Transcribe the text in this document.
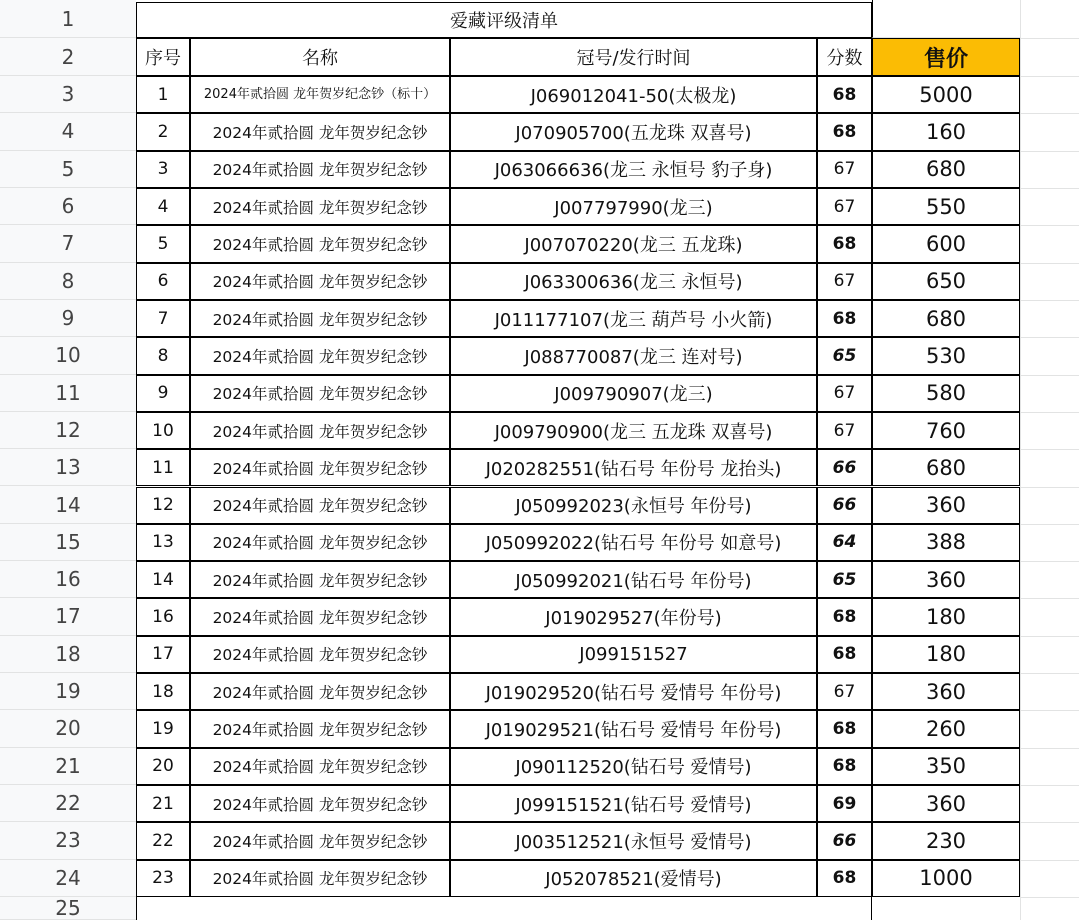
1
2
3
4
5
6
7
8
9
10
11
12
13
14
15
16
17
18
19
20
21
22
23
24
25
爱藏评级清单
序号	名称	冠号/发行时间	分数	售价
1	2024年贰拾圆 龙年贺岁纪念钞（标十）	J069012041-50(太极龙)	68	5000
2	2024年贰拾圆 龙年贺岁纪念钞	J070905700(五龙珠 双喜号)	68	160
3	2024年贰拾圆 龙年贺岁纪念钞	J063066636(龙三 永恒号 豹子身)	67	680
4	2024年贰拾圆 龙年贺岁纪念钞	J007797990(龙三)	67	550
5	2024年贰拾圆 龙年贺岁纪念钞	J007070220(龙三 五龙珠)	68	600
6	2024年贰拾圆 龙年贺岁纪念钞	J063300636(龙三 永恒号)	67	650
7	2024年贰拾圆 龙年贺岁纪念钞	J011177107(龙三 葫芦号 小火箭)	68	680
8	2024年贰拾圆 龙年贺岁纪念钞	J088770087(龙三 连对号)	65	530
9	2024年贰拾圆 龙年贺岁纪念钞	J009790907(龙三)	67	580
10	2024年贰拾圆 龙年贺岁纪念钞	J009790900(龙三 五龙珠 双喜号)	67	760
11	2024年贰拾圆 龙年贺岁纪念钞	J020282551(钻石号 年份号 龙抬头)	66	680
12	2024年贰拾圆 龙年贺岁纪念钞	J050992023(永恒号 年份号)	66	360
13	2024年贰拾圆 龙年贺岁纪念钞	J050992022(钻石号 年份号 如意号)	64	388
14	2024年贰拾圆 龙年贺岁纪念钞	J050992021(钻石号 年份号)	65	360
16	2024年贰拾圆 龙年贺岁纪念钞	J019029527(年份号)	68	180
17	2024年贰拾圆 龙年贺岁纪念钞	J099151527	68	180
18	2024年贰拾圆 龙年贺岁纪念钞	J019029520(钻石号 爱情号 年份号)	67	360
19	2024年贰拾圆 龙年贺岁纪念钞	J019029521(钻石号 爱情号 年份号)	68	260
20	2024年贰拾圆 龙年贺岁纪念钞	J090112520(钻石号 爱情号)	68	350
21	2024年贰拾圆 龙年贺岁纪念钞	J099151521(钻石号 爱情号)	69	360
22	2024年贰拾圆 龙年贺岁纪念钞	J003512521(永恒号 爱情号)	66	230
23	2024年贰拾圆 龙年贺岁纪念钞	J052078521(爱情号)	68	1000
